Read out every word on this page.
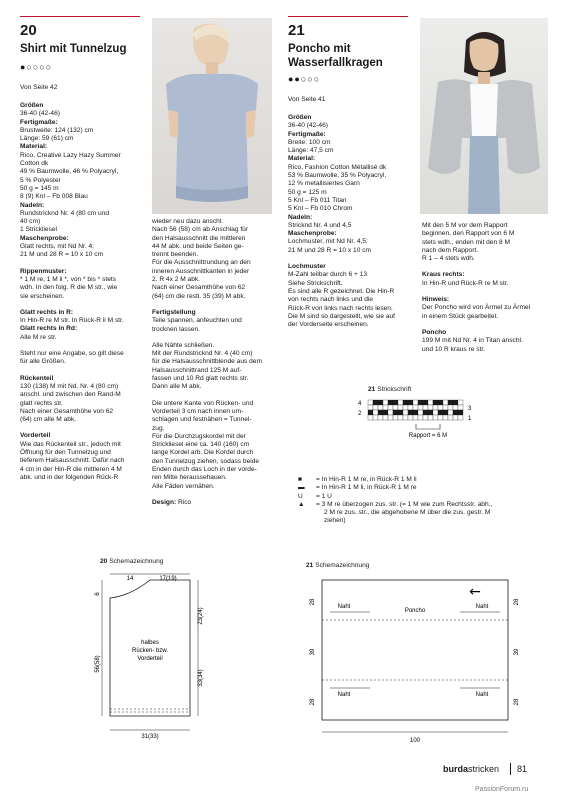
20
Shirt mit Tunnelzug
●○○○○
Von Seite 42

Größen

36-40 (42-46)

Fertigmaße:

Brustweite: 124 (132) cm

Länge: 59 (61) cm

Material:

Rico, Creative Lazy Hazy Summer

Cotton dk

49 % Baumwolle, 46 % Polyacryl,

5 % Polyester

50 g = 145 m

8 (9) Knl – Fb 008 Blau

Nadeln:

Rundstricknd Nr. 4 (80 cm und

40 cm)

1 Strickliesel

Maschenprobe:

Glatt rechts, mit Nd Nr. 4:

21 M und 28 R = 10 x 10 cm

Rippenmuster:

* 1 M re, 1 M li *, von * bis * stets

wdh. In den folg. R die M str., wie

sie erscheinen.

Glatt rechts in R:

In Hin-R re M str. In Rück-R li M str.

Glatt rechts in Rd:

Alle M re str.

Steht nur eine Angabe, so gilt diese

für alle Größen.

Rückenteil

130 (138) M mit Nd. Nr. 4 (80 cm)

anschl. und zwischen den Rand-M

glatt rechts str.

Nach einer Gesamthöhe von 62

(64) cm alle M abk.

Vorderteil

Wie das Rückenteil str., jedoch mit

Öffnung für den Tunnelzug und

tieferem Halsausschnitt. Dafür nach

4 cm in der Hin-R die mittleren 4 M

abk. und in der folgenden Rück-R

wieder neu dazu anschl.

Nach 56 (58) cm ab Anschlag für

den Halsausschnitt die mittleren

44 M abk. und beide Seiten ge-

trennt beenden.

Für die Ausschnittrundung an den

inneren Ausschnittkanten in jeder

2. R 4x 2 M abk.

Nach einer Gesamthöhe von 62

(64) cm die restl. 35 (39) M abk.

Fertigstellung

Teile spannen, anfeuchten und

trocknen lassen.

Alle Nähte schließen.

Mit der Rundstricknd Nr. 4 (40 cm)

für die Halsausschnittblende aus dem

Halsausschnittrand 125 M auf-

fassen und 10 Rd glatt rechts str.

Dann alle M abk.

Die untere Kante von Rücken- und

Vorderteil 3 cm nach innen um-

schlagen und festnähen = Tunnel-

zug.

Für die Durchzugskordel mit der

Strickliesel eine ca. 140 (160) cm

lange Kordel arb. Die Kordel durch

den Tunnelzug ziehen, sodass beide

Enden durch das Loch in der vorde-

ren Mitte heraussehauen.

Alle Fäden vernähen.

Design: Rico

21
Poncho mit
Wasserfallkragen
●●○○○
Von Seite 41

Größen

36-40 (42-46)

Fertigmaße:

Breite: 100 cm

Länge: 47,5 cm

Material:

Rico, Fashion Cotton Métallisé dk

53 % Baumwolle, 35 % Polyacryl,

12 % metallisiertes Garn

50 g = 125 m

5 Knl – Fb 011 Titan

5 Knl – Fb 010 Chrom

Nadeln:

Stricknd Nr. 4 und 4,5

Maschenprobe:

Lochmuster, mit Nd Nr. 4,5:

21 M und 28 R = 10 x 10 cm

Lochmuster

M-Zahl teilbar durch 6 + 13

Siehe Strickschrift.

Es sind alle R gezeichnet. Die Hin-R

von rechts nach links und die

Rück-R von links nach rechts lesen.

Die M sind so dargestellt, wie sie auf

der Vorderseite erscheinen.

Mit den 5 M vor dem Rapport

beginnen, den Rapport von 6 M

stets wdh., enden mit den 8 M

nach dem Rapport.

R 1 – 4 stets wdh.

Kraus rechts:

In Hin-R und Rück-R re M str.

Hinweis:

Der Poncho wird von Ärmel zu Ärmel

in einem Stück gearbeitet.

Poncho

199 M mit Nd Nr. 4 in Titan anschl.

und 10 R kraus re str.

21 Strickschrift
4
3
2
1
Rapport = 6 M

■ = In Hin-R 1 M re, in Rück-R 1 M li

▬ = In Hin-R 1 M li, in Rück-R 1 M re

U = 1 U

▲ = 3 M re überzogen zus. str. (= 1 M wie zum Rechtsstr. abh.,

2 M re zus. str., die abgehobene M über die zus. gestr. M

ziehen)

20 Schemazeichnung
14	17(19)
6
56(58)
23(24)
33(34)
31(33)
halbes
Rücken- bzw.
Vorderteil
21 Schemazeichnung
Naht	Naht
Poncho
Naht	Naht
←
28
39
28
28
39
28
100
burdastricken 81
PassionForum.ru
